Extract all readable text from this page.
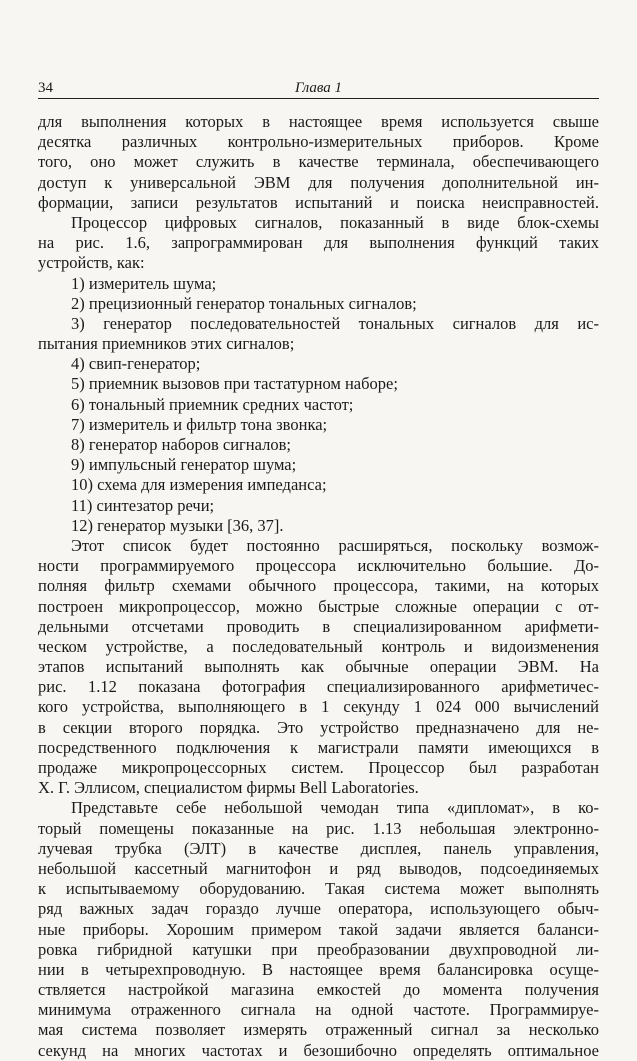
34	Глава 1
для выполнения которых в настоящее время используется свыше
десятка различных контрольно-измерительных приборов. Кроме
того, оно может служить в качестве терминала, обеспечивающего
доступ к универсальной ЭВМ для получения дополнительной ин-
формации, записи результатов испытаний и поиска неисправностей.
Процессор цифровых сигналов, показанный в виде блок-схемы
на рис. 1.6, запрограммирован для выполнения функций таких
устройств, как:
1) измеритель шума;
2) прецизионный генератор тональных сигналов;
3) генератор последовательностей тональных сигналов для ис-
пытания приемников этих сигналов;
4) свип-генератор;
5) приемник вызовов при тастатурном наборе;
6) тональный приемник средних частот;
7) измеритель и фильтр тона звонка;
8) генератор наборов сигналов;
9) импульсный генератор шума;
10) схема для измерения импеданса;
11) синтезатор речи;
12) генератор музыки [36, 37].
Этот список будет постоянно расширяться, поскольку возмож-
ности программируемого процессора исключительно большие. До-
полняя фильтр схемами обычного процессора, такими, на которых
построен микропроцессор, можно быстрые сложные операции с от-
дельными отсчетами проводить в специализированном арифмети-
ческом устройстве, а последовательный контроль и видоизменения
этапов испытаний выполнять как обычные операции ЭВМ. На
рис. 1.12 показана фотография специализированного арифметичес-
кого устройства, выполняющего в 1 секунду 1 024 000 вычислений
в секции второго порядка. Это устройство предназначено для не-
посредственного подключения к магистрали памяти имеющихся в
продаже микропроцессорных систем. Процессор был разработан
Х. Г. Эллисом, специалистом фирмы Bell Laboratories.
Представьте себе небольшой чемодан типа «дипломат», в ко-
торый помещены показанные на рис. 1.13 небольшая электронно-
лучевая трубка (ЭЛТ) в качестве дисплея, панель управления,
небольшой кассетный магнитофон и ряд выводов, подсоединяемых
к испытываемому оборудованию. Такая система может выполнять
ряд важных задач гораздо лучше оператора, использующего обыч-
ные приборы. Хорошим примером такой задачи является баланси-
ровка гибридной катушки при преобразовании двухпроводной ли-
нии в четырехпроводную. В настоящее время балансировка осуще-
ствляется настройкой магазина емкостей до момента получения
минимума отраженного сигнала на одной частоте. Программируе-
мая система позволяет измерять отраженный сигнал за несколько
секунд на многих частотах и безошибочно определять оптимальное
